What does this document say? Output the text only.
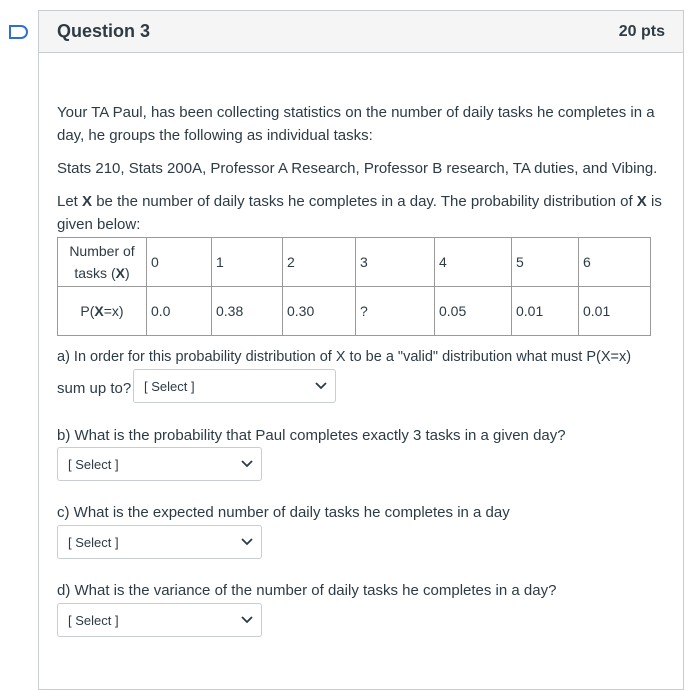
Question 3	20 pts
Your TA Paul, has been collecting statistics on the number of daily tasks he completes in a day, he groups the following as individual tasks:
Stats 210, Stats 200A, Professor A Research, Professor B research, TA duties, and Vibing.
Let X be the number of daily tasks he completes in a day. The probability distribution of X is given below:
Number of
tasks (X)	0	1	2	3	4	5	6
P(X=x)	0.0	0.38	0.30	?	0.05	0.01	0.01
a) In order for this probability distribution of X to be a "valid" distribution what must P(X=x)
sum up to? [ Select ]
b) What is the probability that Paul completes exactly 3 tasks in a given day?
[ Select ]
c) What is the expected number of daily tasks he completes in a day
[ Select ]
d) What is the variance of the number of daily tasks he completes in a day?
[ Select ]
